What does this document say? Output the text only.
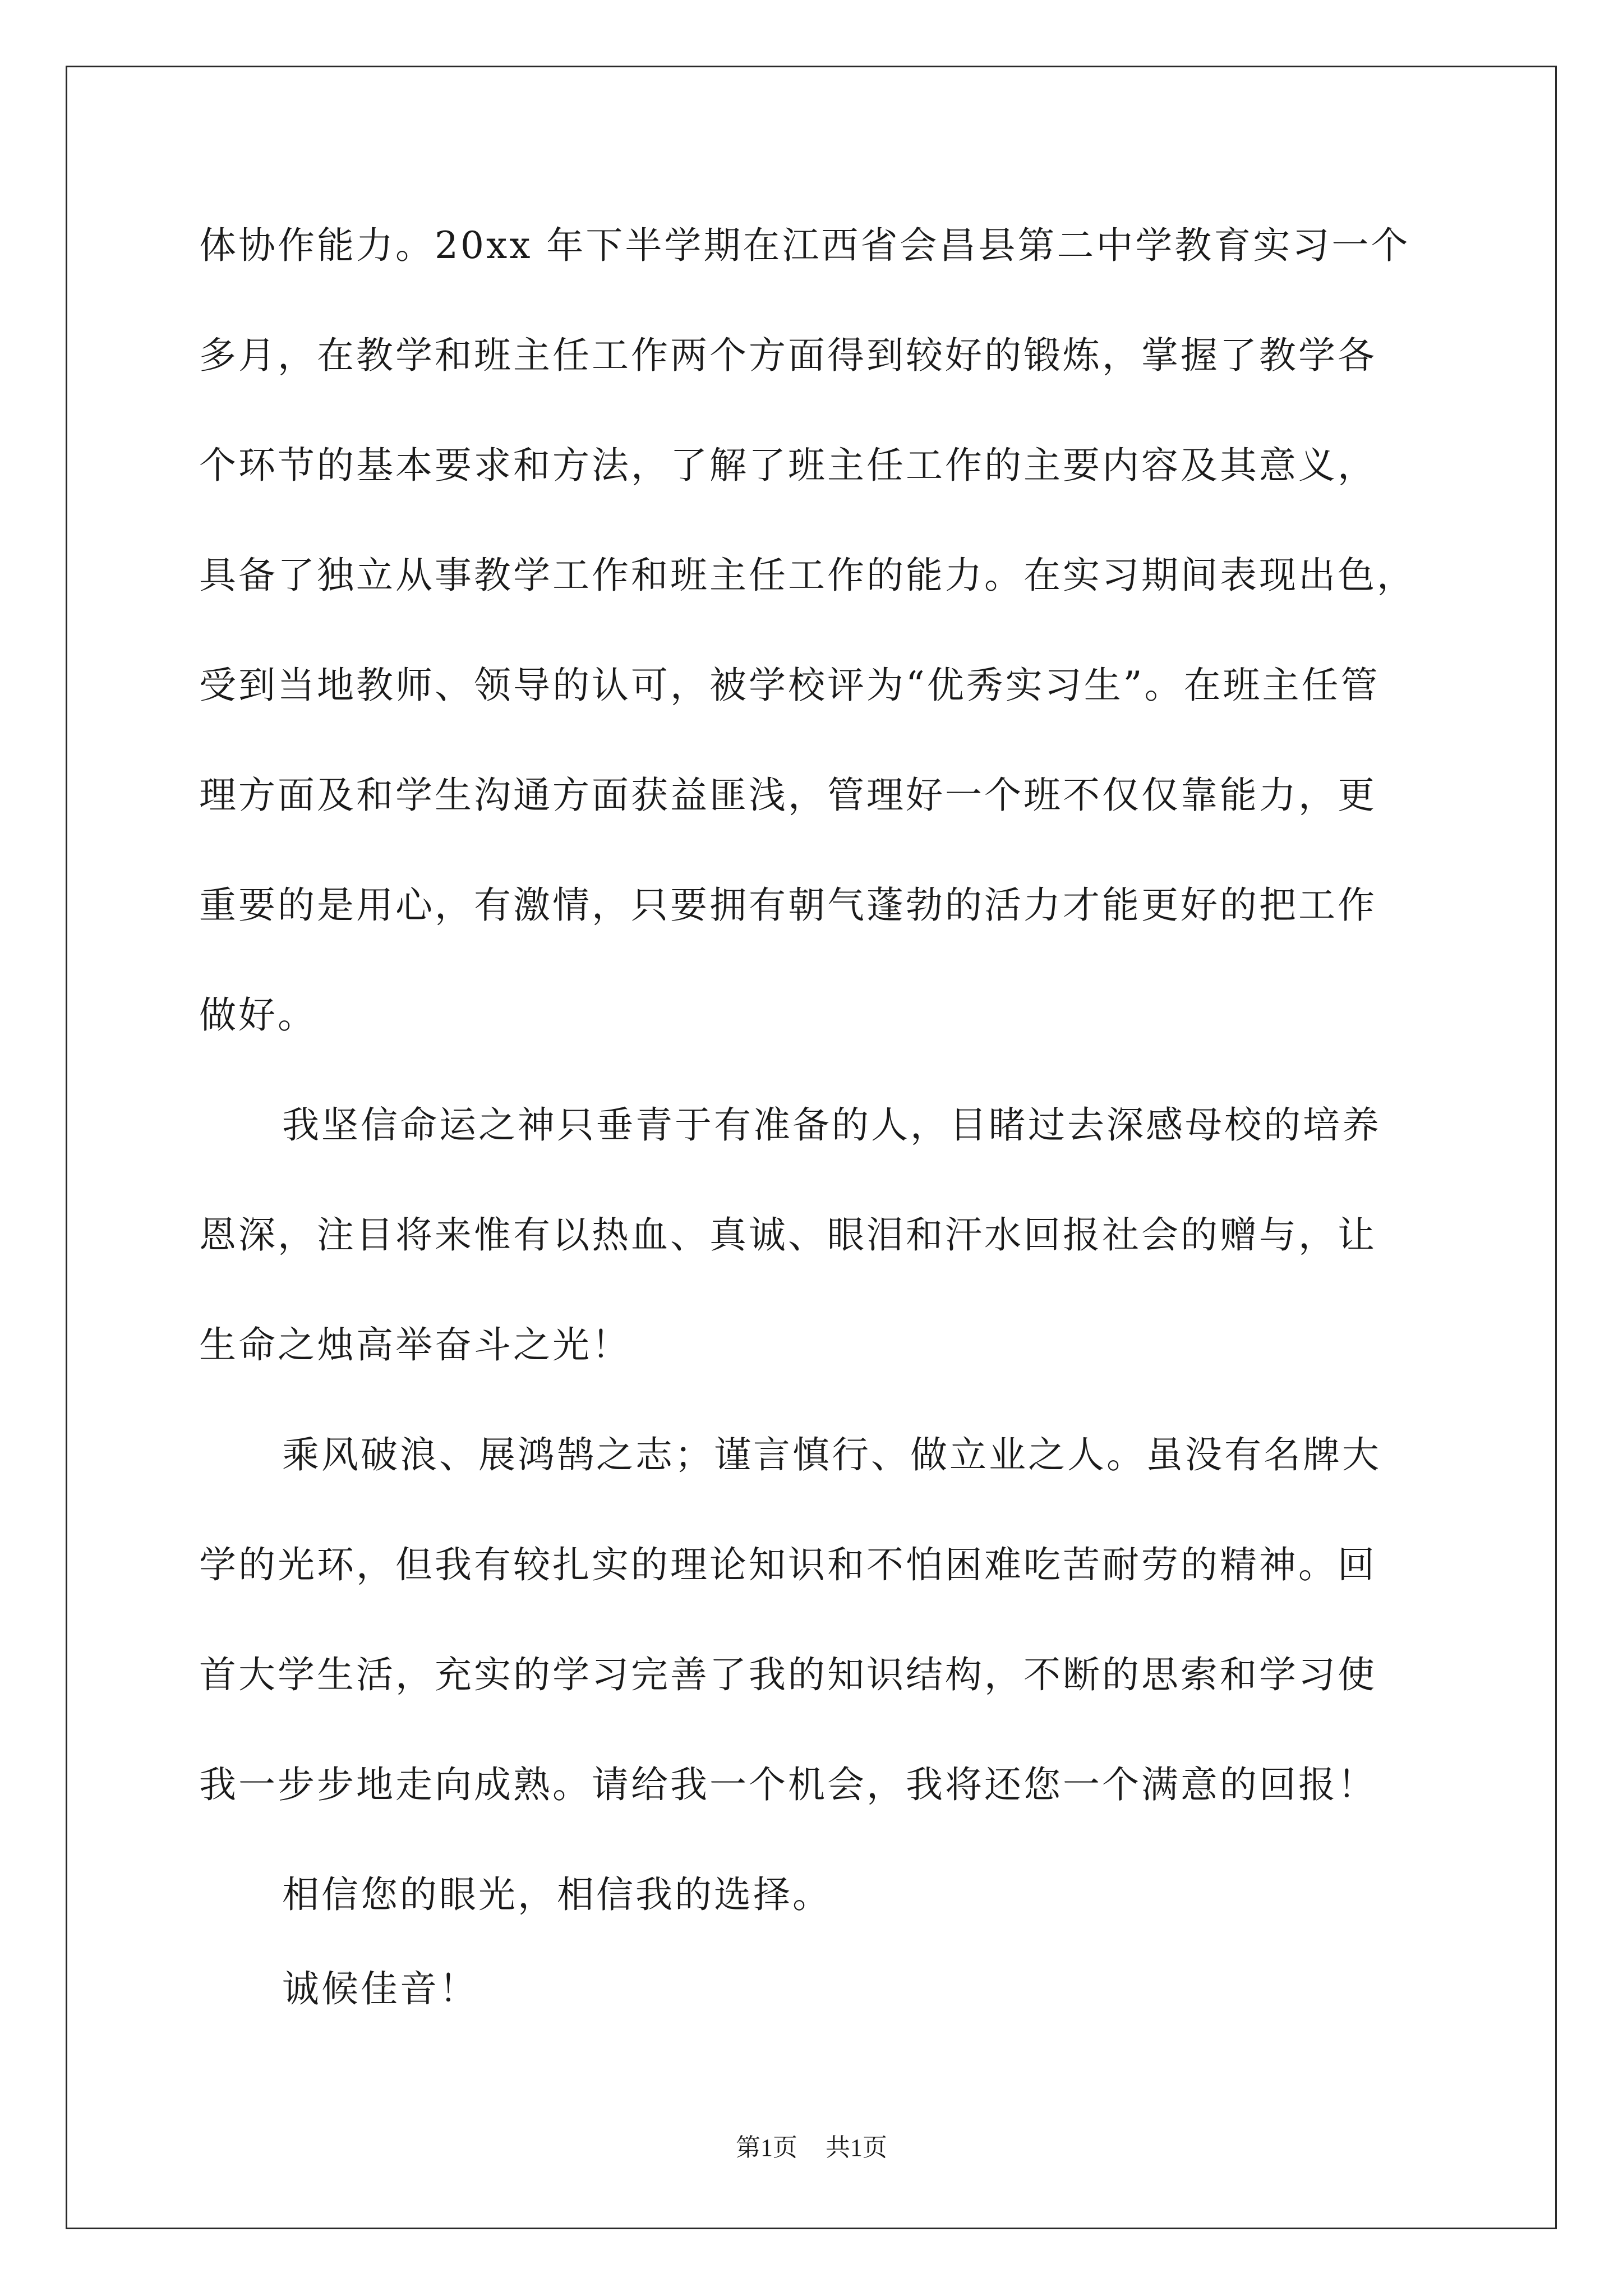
体协作能力。20xx 年下半学期在江西省会昌县第二中学教育实习一个
多月，在教学和班主任工作两个方面得到较好的锻炼，掌握了教学各
个环节的基本要求和方法，了解了班主任工作的主要内容及其意义，
具备了独立从事教学工作和班主任工作的能力。在实习期间表现出色，
受到当地教师、领导的认可，被学校评为“优秀实习生”。在班主任管
理方面及和学生沟通方面获益匪浅，管理好一个班不仅仅靠能力，更
重要的是用心，有激情，只要拥有朝气蓬勃的活力才能更好的把工作
做好。
我坚信命运之神只垂青于有准备的人，目睹过去深感母校的培养
恩深，注目将来惟有以热血、真诚、眼泪和汗水回报社会的赠与，让
生命之烛高举奋斗之光！
乘风破浪、展鸿鹄之志；谨言慎行、做立业之人。虽没有名牌大
学的光环，但我有较扎实的理论知识和不怕困难吃苦耐劳的精神。回
首大学生活，充实的学习完善了我的知识结构，不断的思索和学习使
我一步步地走向成熟。请给我一个机会，我将还您一个满意的回报！
相信您的眼光，相信我的选择。
诚候佳音！
第1页 共1页
